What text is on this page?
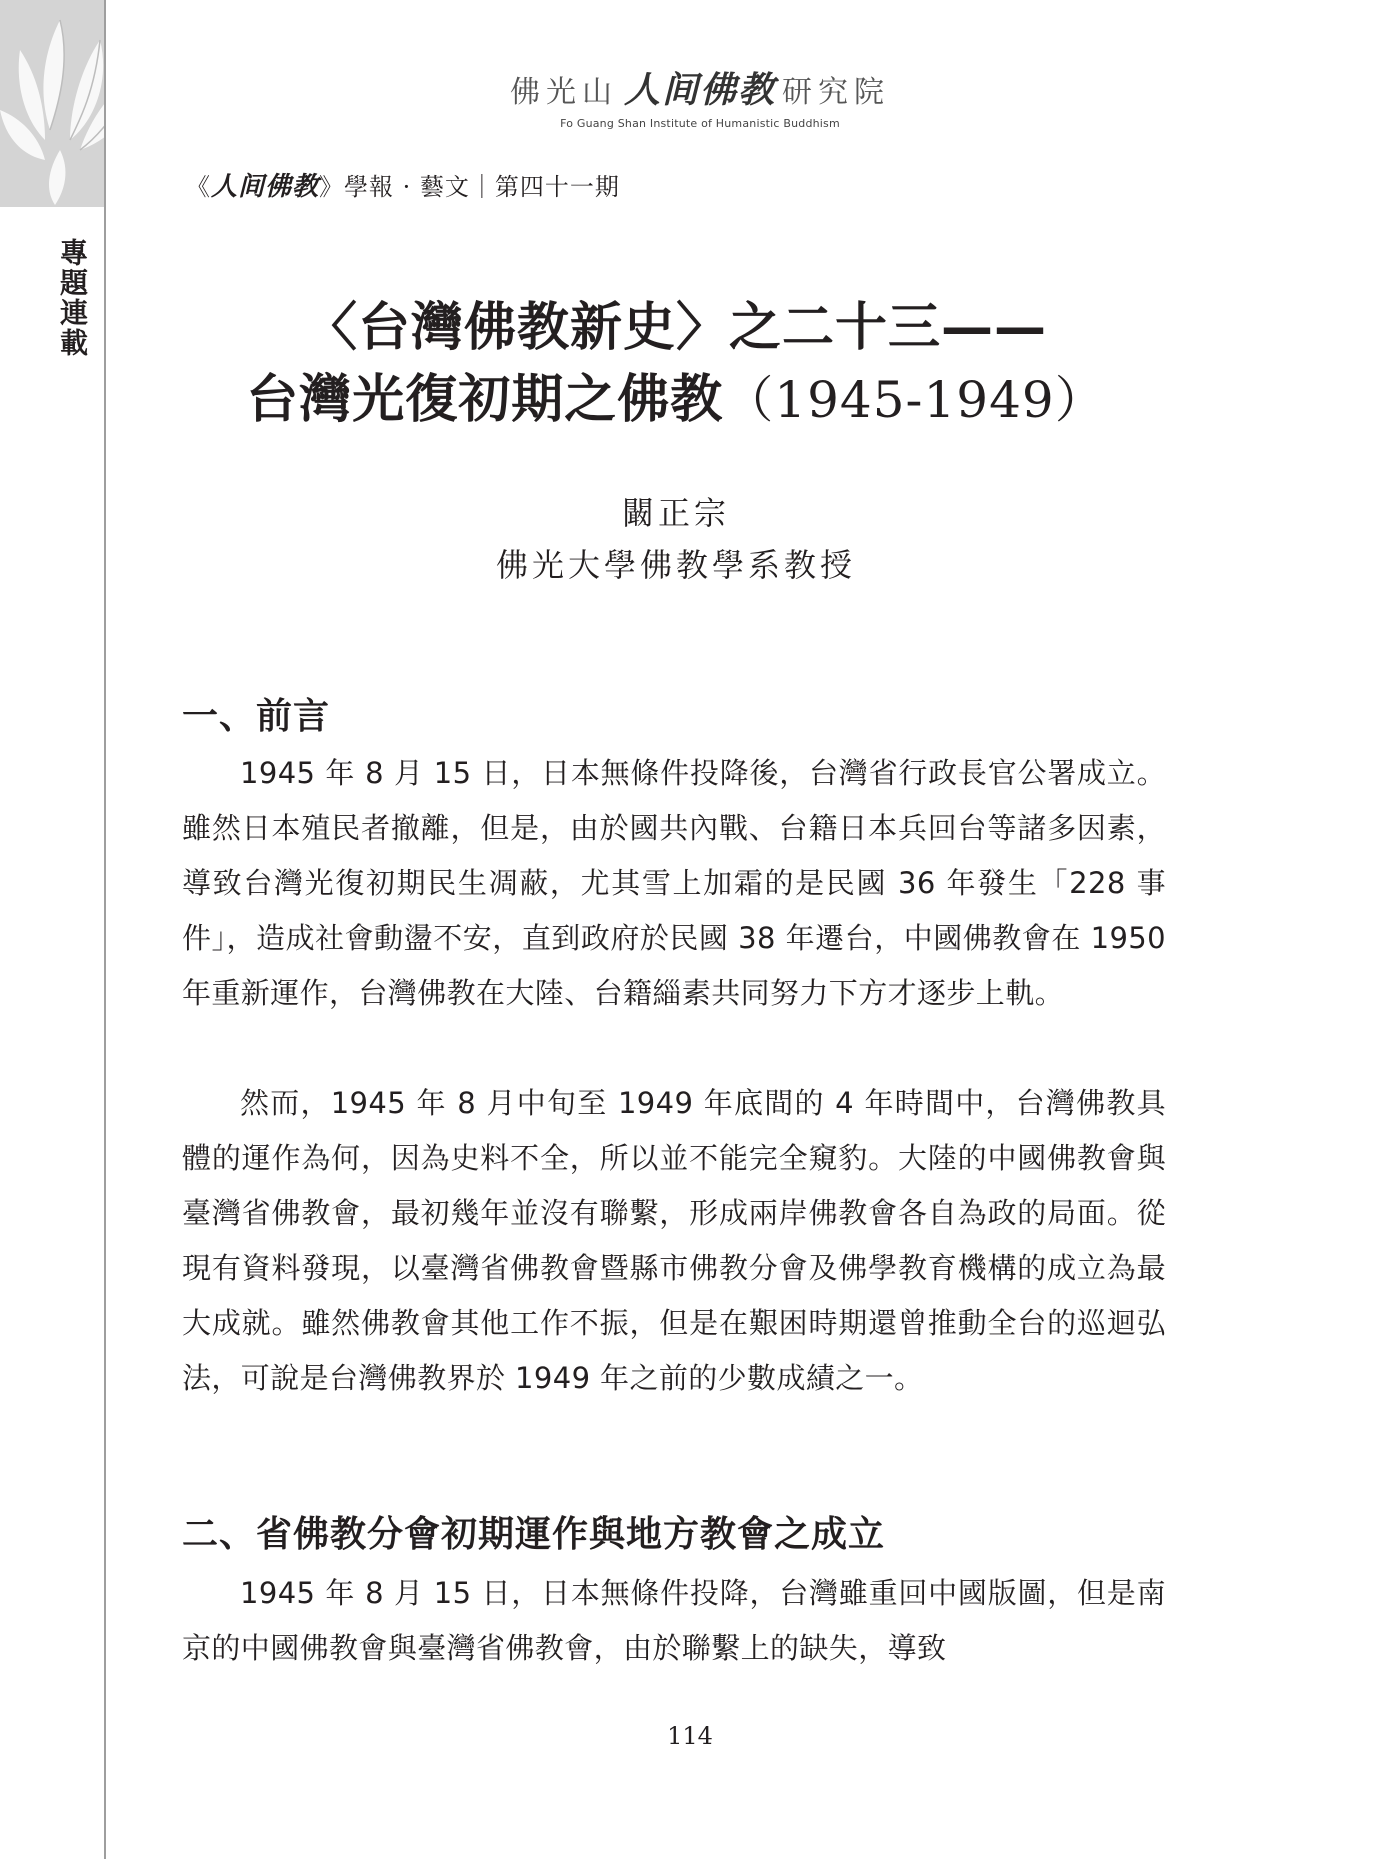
專題連載
佛光山 人间佛教 研究院
Fo Guang Shan Institute of Humanistic Buddhism
《人间佛教》學報 · 藝文｜第四十一期
〈台灣佛教新史〉之二十三——
台灣光復初期之佛教（1945-1949）
闞正宗
佛光大學佛教學系教授
一、前言
1945 年 8 月 15 日，日本無條件投降後，台灣省行政長官公署成立。雖然日本殖民者撤離，但是，由於國共內戰、台籍日本兵回台等諸多因素，導致台灣光復初期民生凋蔽，尤其雪上加霜的是民國 36 年發生「228 事件」，造成社會動盪不安，直到政府於民國 38 年遷台，中國佛教會在 1950 年重新運作，台灣佛教在大陸、台籍緇素共同努力下方才逐步上軌。
然而，1945 年 8 月中旬至 1949 年底間的 4 年時間中，台灣佛教具體的運作為何，因為史料不全，所以並不能完全窺豹。大陸的中國佛教會與臺灣省佛教會，最初幾年並沒有聯繫，形成兩岸佛教會各自為政的局面。從現有資料發現，以臺灣省佛教會暨縣市佛教分會及佛學教育機構的成立為最大成就。雖然佛教會其他工作不振，但是在艱困時期還曾推動全台的巡迴弘法，可說是台灣佛教界於 1949 年之前的少數成績之一。
二、省佛教分會初期運作與地方教會之成立
1945 年 8 月 15 日，日本無條件投降，台灣雖重回中國版圖，但是南京的中國佛教會與臺灣省佛教會，由於聯繫上的缺失，導致
114
